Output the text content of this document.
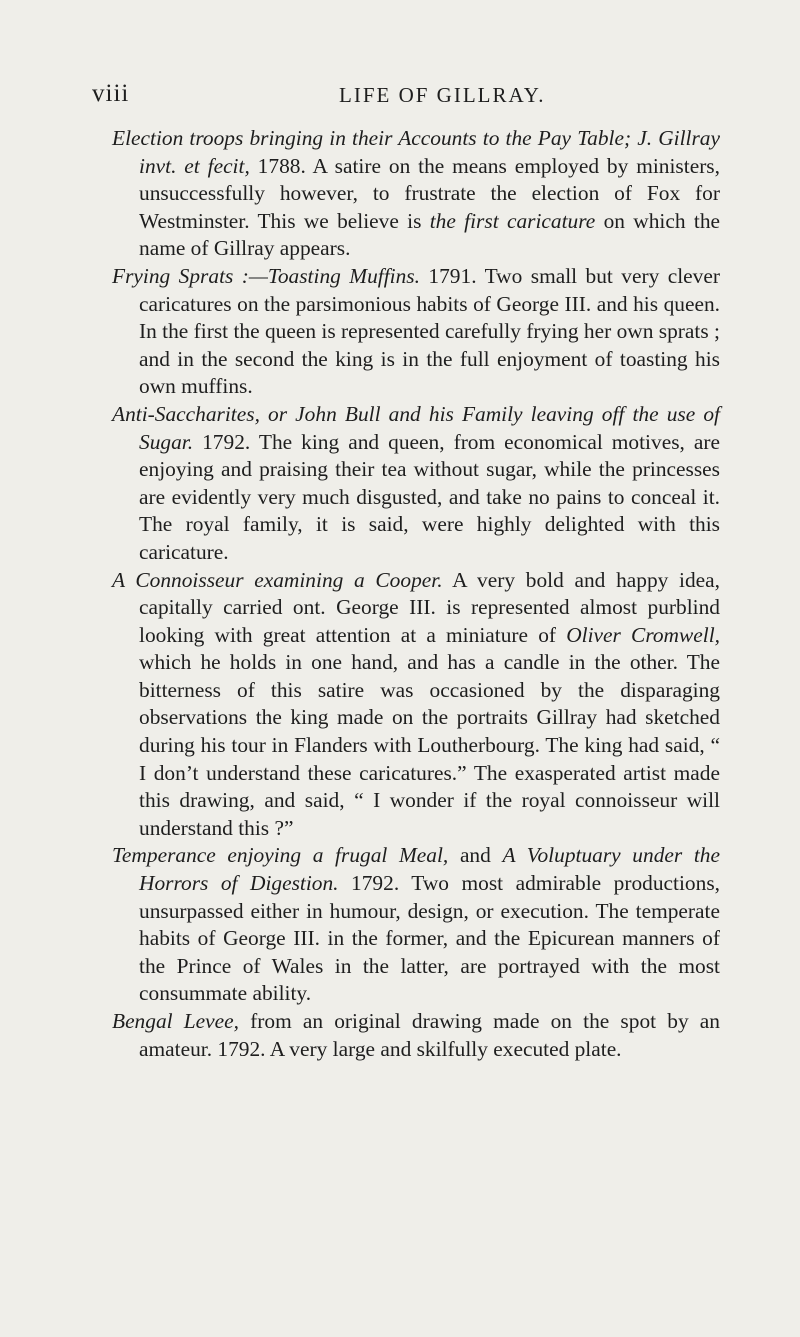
viii	LIFE OF GILLRAY.

Election troops bringing in their Accounts to the Pay Table; J. Gillray invt. et fecit, 1788. A satire on the means employed by ministers, unsuccessfully however, to frustrate the election of Fox for Westminster. This we believe is the first caricature on which the name of Gillray appears.

Frying Sprats :—Toasting Muffins. 1791. Two small but very clever caricatures on the parsimonious habits of George III. and his queen. In the first the queen is represented carefully frying her own sprats ; and in the second the king is in the full enjoyment of toasting his own muffins.

Anti-Saccharites, or John Bull and his Family leaving off the use of Sugar. 1792. The king and queen, from economical motives, are enjoying and praising their tea without sugar, while the princesses are evidently very much disgusted, and take no pains to conceal it. The royal family, it is said, were highly delighted with this caricature.

A Connoisseur examining a Cooper. A very bold and happy idea, capitally carried ont. George III. is represented almost purblind looking with great attention at a miniature of Oliver Cromwell, which he holds in one hand, and has a candle in the other. The bitterness of this satire was occasioned by the disparaging observations the king made on the portraits Gillray had sketched during his tour in Flanders with Loutherbourg. The king had said, “ I don’t understand these caricatures.” The exasperated artist made this drawing, and said, “ I wonder if the royal connoisseur will understand this ?”

Temperance enjoying a frugal Meal, and A Voluptuary under the Horrors of Digestion. 1792. Two most admirable productions, unsurpassed either in humour, design, or execution. The temperate habits of George III. in the former, and the Epicurean manners of the Prince of Wales in the latter, are portrayed with the most consummate ability.

Bengal Levee, from an original drawing made on the spot by an amateur. 1792. A very large and skilfully executed plate.
